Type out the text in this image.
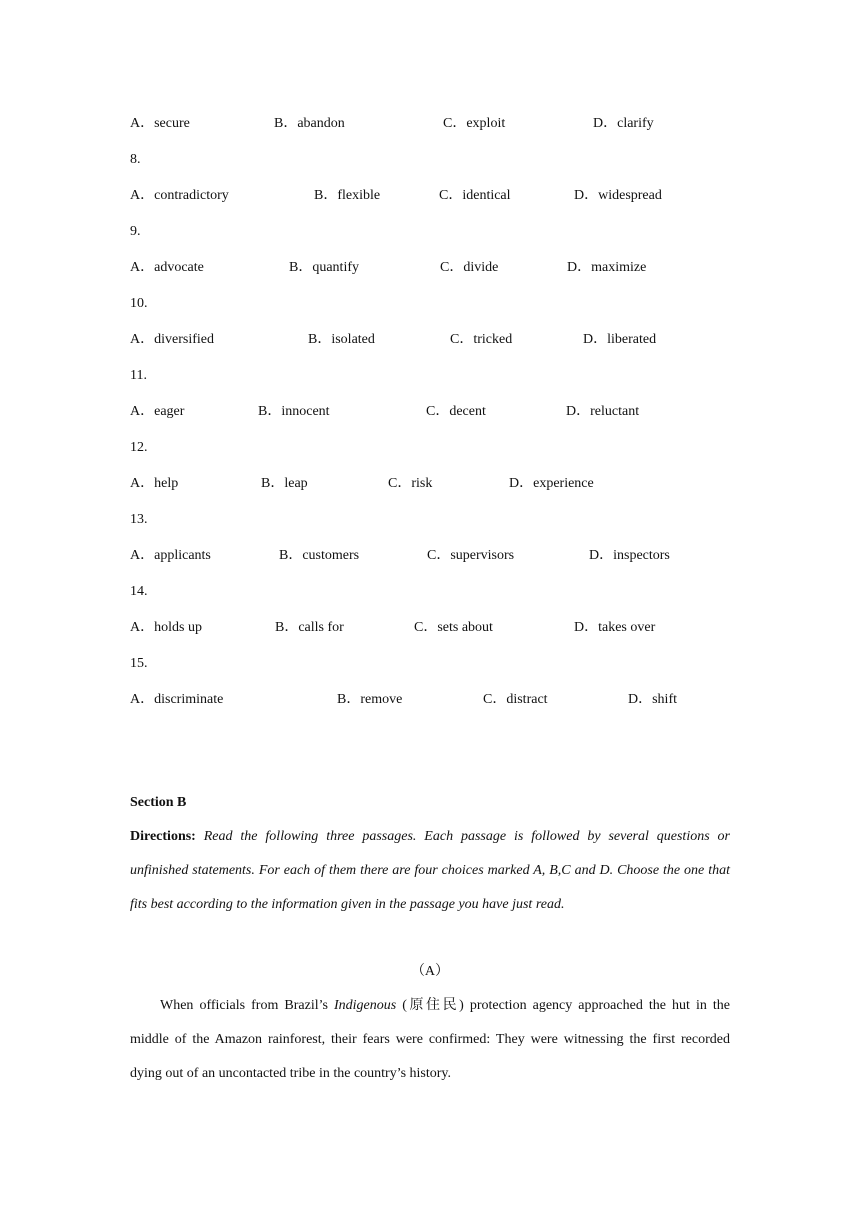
A．secure	B．abandon	C．exploit	D．clarify
8.
A．contradictory	B．flexible	C．identical	D．widespread
9.
A．advocate	B．quantify	C．divide	D．maximize
10.
A．diversified	B．isolated	C．tricked	D．liberated
11.
A．eager	B．innocent	C．decent	D．reluctant
12.
A．help	B．leap	C．risk	D．experience
13.
A．applicants	B．customers	C．supervisors	D．inspectors
14.
A．holds up	B．calls for	C．sets about	D．takes over
15.
A．discriminate	B．remove	C．distract	D．shift
Section B
Directions: Read the following three passages. Each passage is followed by several questions or unfinished statements. For each of them there are four choices marked A, B,C and D. Choose the one that fits best according to the information given in the passage you have just read.
（A）
When officials from Brazil’s Indigenous (原住民) protection agency approached the hut in the middle of the Amazon rainforest, their fears were confirmed: They were witnessing the first recorded dying out of an uncontacted tribe in the country’s history.
